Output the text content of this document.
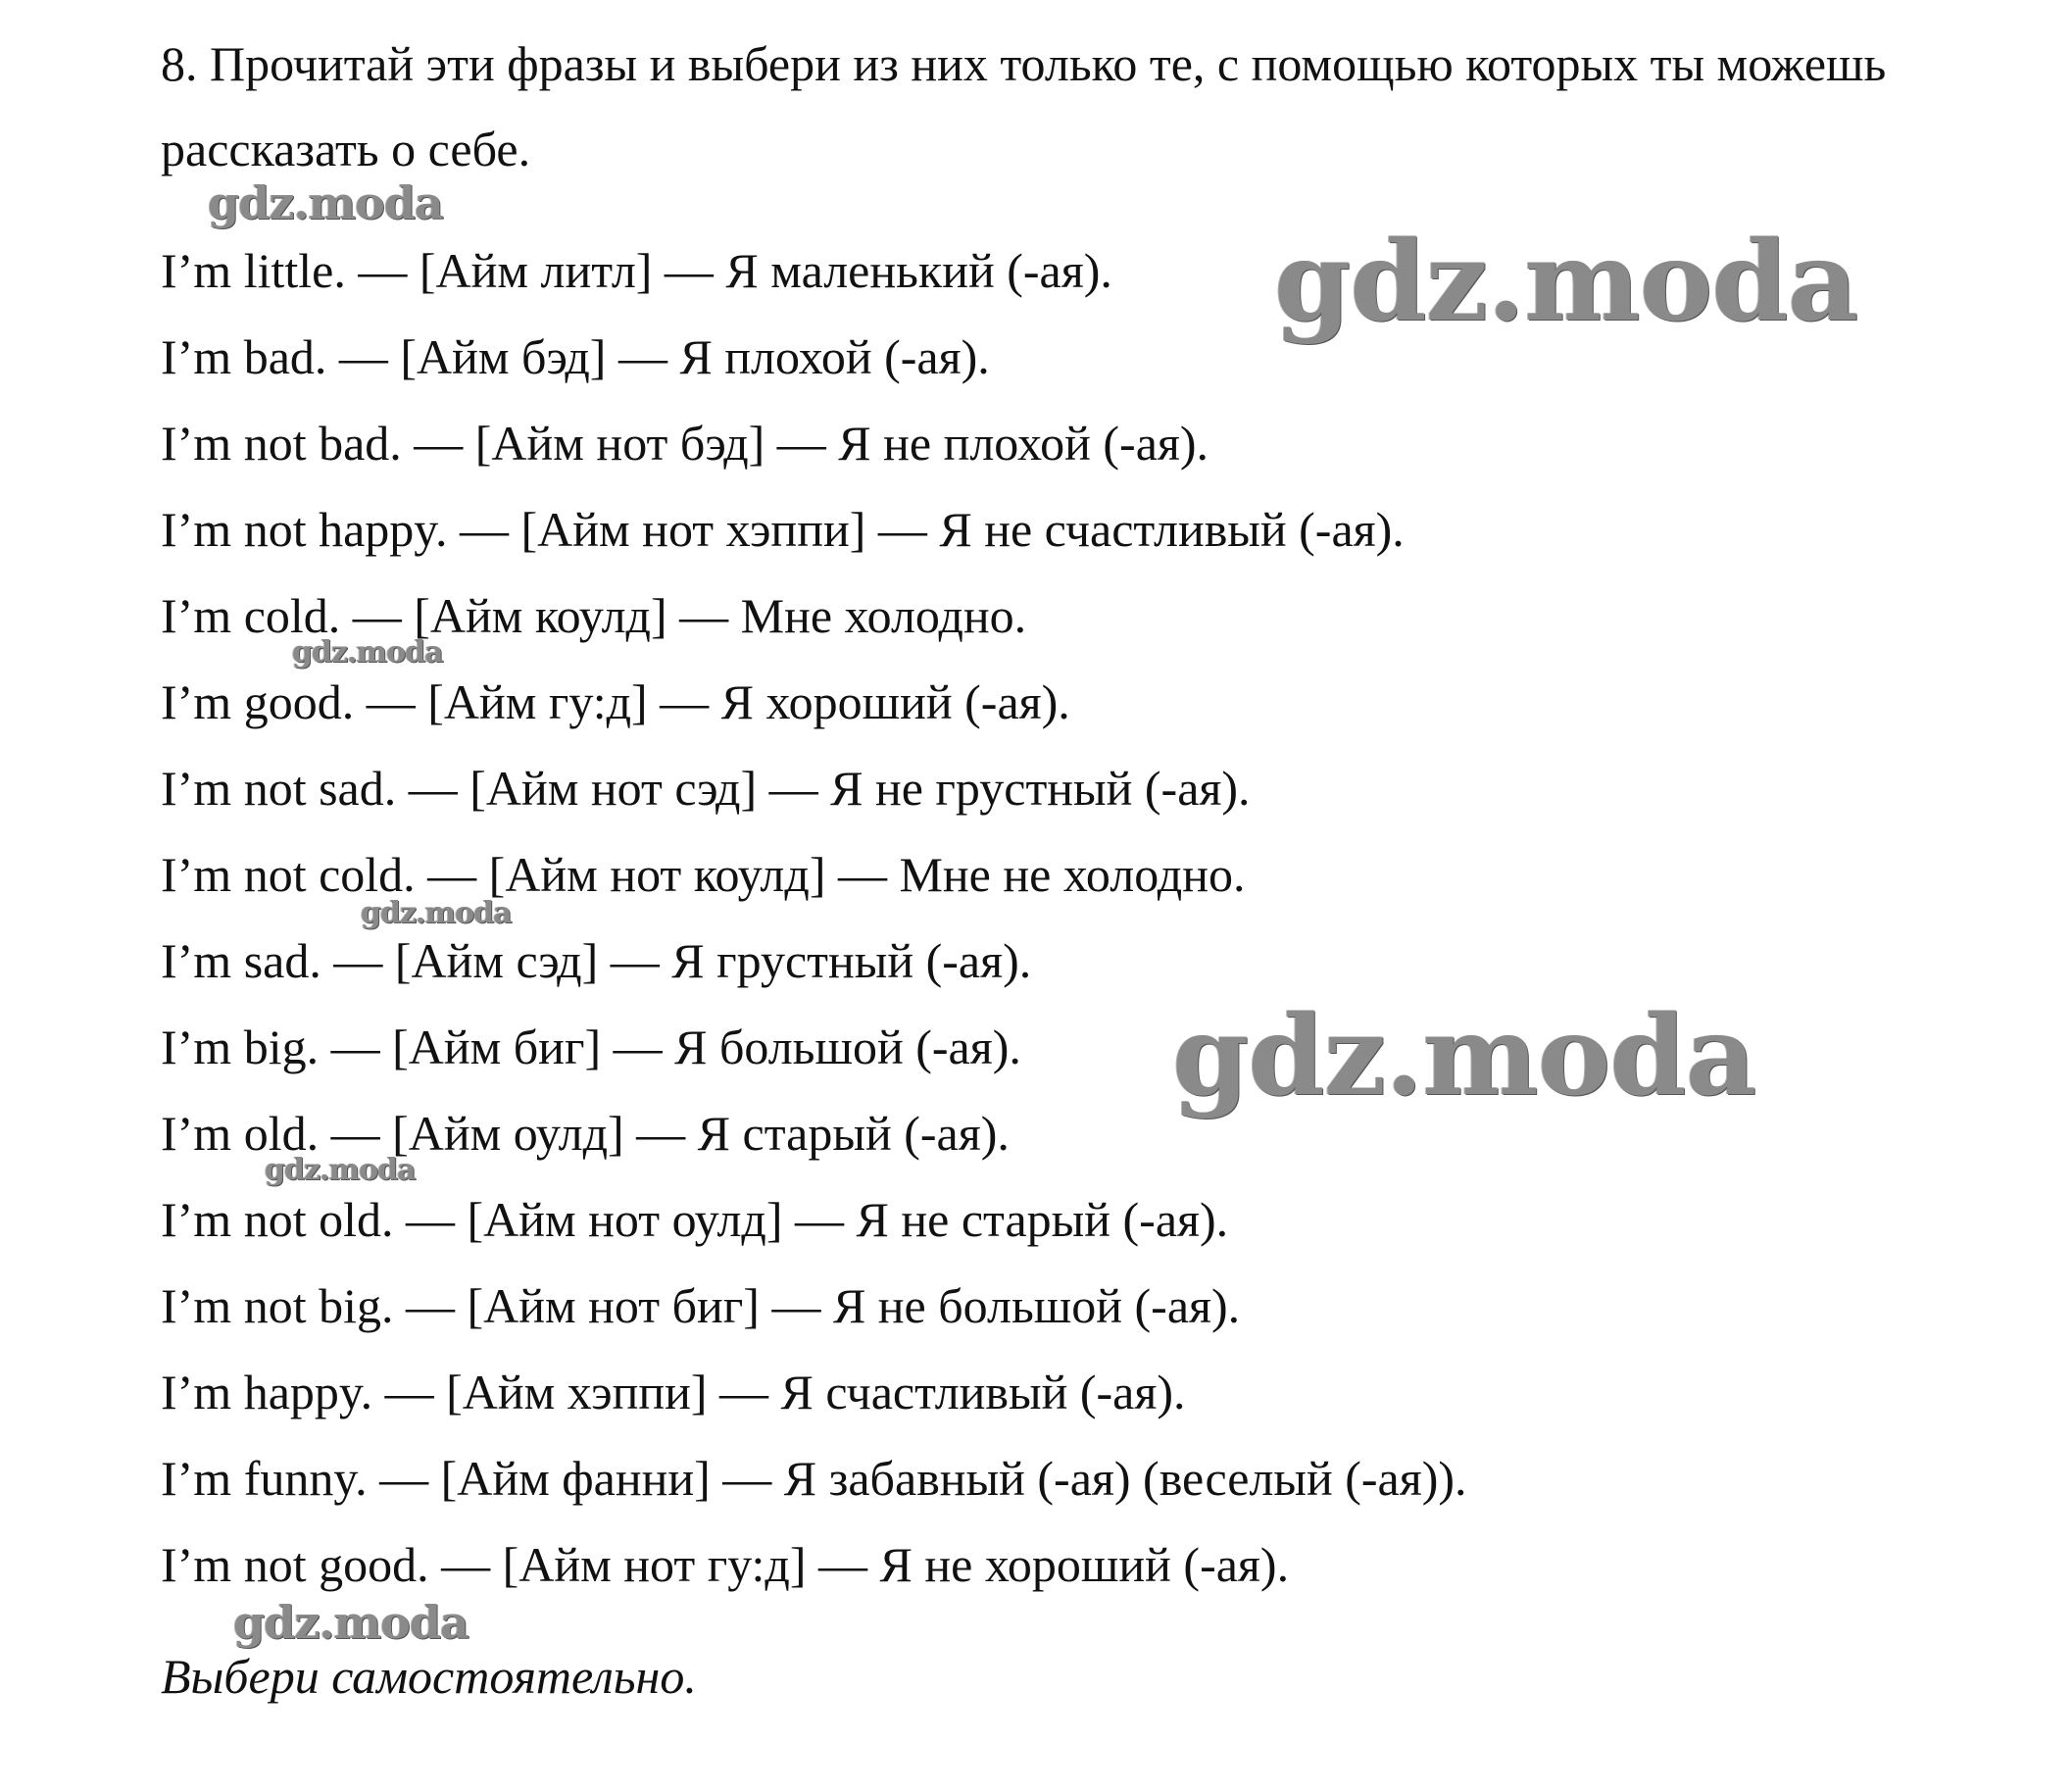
8. Прочитай эти фразы и выбери из них только те, с помощью которых ты можешь рассказать о себе.

I’m little. — [Айм литл] — Я маленький (-ая).
I’m bad. — [Айм бэд] — Я плохой (-ая).
I’m not bad. — [Айм нот бэд] — Я не плохой (-ая).
I’m not happy. — [Айм нот хэппи] — Я не счастливый (-ая).
I’m cold. — [Айм коулд] — Мне холодно.
I’m good. — [Айм гу:д] — Я хороший (-ая).
I’m not sad. — [Айм нот сэд] — Я не грустный (-ая).
I’m not cold. — [Айм нот коулд] — Мне не холодно.
I’m sad. — [Айм сэд] — Я грустный (-ая).
I’m big. — [Айм биг] — Я большой (-ая).
I’m old. — [Айм оулд] — Я старый (-ая).
I’m not old. — [Айм нот оулд] — Я не старый (-ая).
I’m not big. — [Айм нот биг] — Я не большой (-ая).
I’m happy. — [Айм хэппи] — Я счастливый (-ая).
I’m funny. — [Айм фанни] — Я забавный (-ая) (веселый (-ая)).
I’m not good. — [Айм нот гу:д] — Я не хороший (-ая).

Выбери самостоятельно.

gdz.moda
gdz.moda
gdz.moda
gdz.moda
gdz.moda
gdz.moda
gdz.moda
